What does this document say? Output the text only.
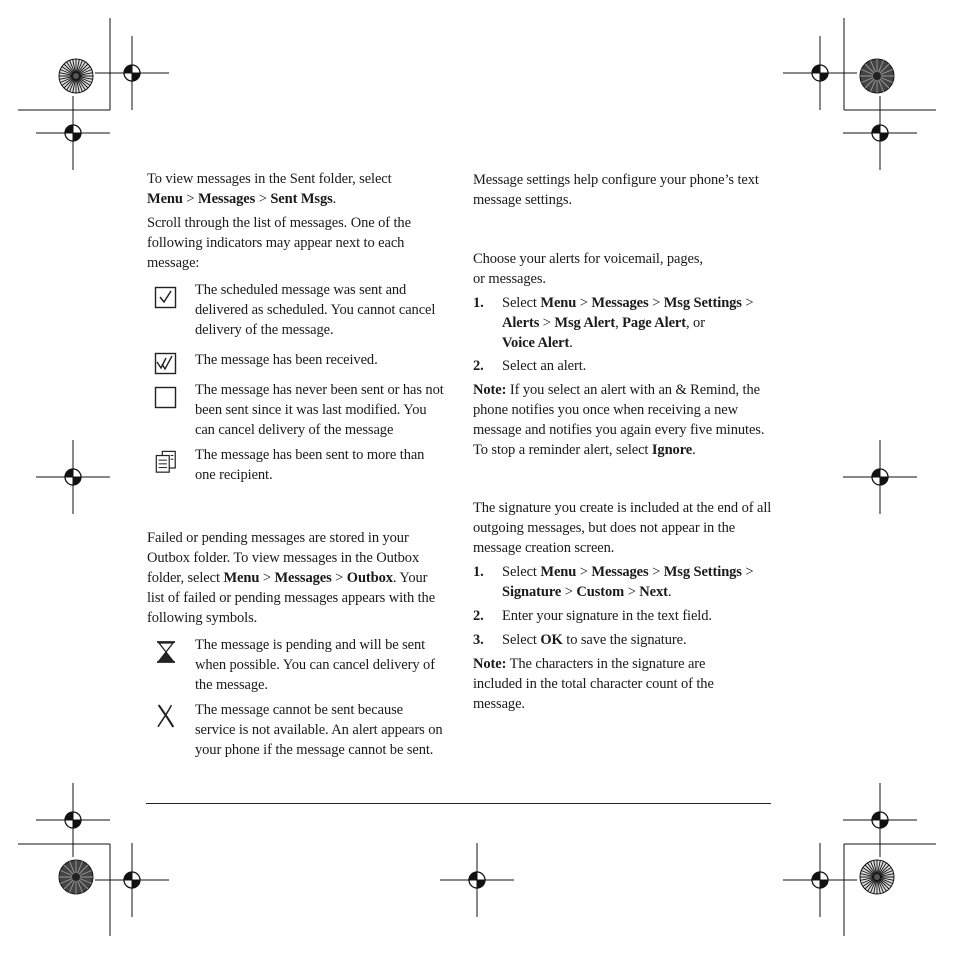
To view messages in the Sent folder, select
Menu > Messages > Sent Msgs.

Scroll through the list of messages. One of the following indicators may appear next to each message:

The scheduled message was sent and delivered as scheduled. You cannot cancel delivery of the message.

The message has been received.

The message has never been sent or has not been sent since it was last modified. You can cancel delivery of the message

The message has been sent to more than one recipient.

Failed or pending messages are stored in your Outbox folder. To view messages in the Outbox folder, select Menu > Messages > Outbox. Your list of failed or pending messages appears with the following symbols.

The message is pending and will be sent when possible. You can cancel delivery of the message.

The message cannot be sent because service is not available. An alert appears on your phone if the message cannot be sent.

Message settings help configure your phone’s text message settings.

Choose your alerts for voicemail, pages, or messages.

1. Select Menu > Messages > Msg Settings >
Alerts > Msg Alert, Page Alert, or
Voice Alert.

2. Select an alert.

Note: If you select an alert with an & Remind, the phone notifies you once when receiving a new message and notifies you again every five minutes. To stop a reminder alert, select Ignore.

The signature you create is included at the end of all outgoing messages, but does not appear in the message creation screen.

1. Select Menu > Messages > Msg Settings >
Signature > Custom > Next.

2. Enter your signature in the text field.

3. Select OK to save the signature.

Note: The characters in the signature are included in the total character count of the message.
